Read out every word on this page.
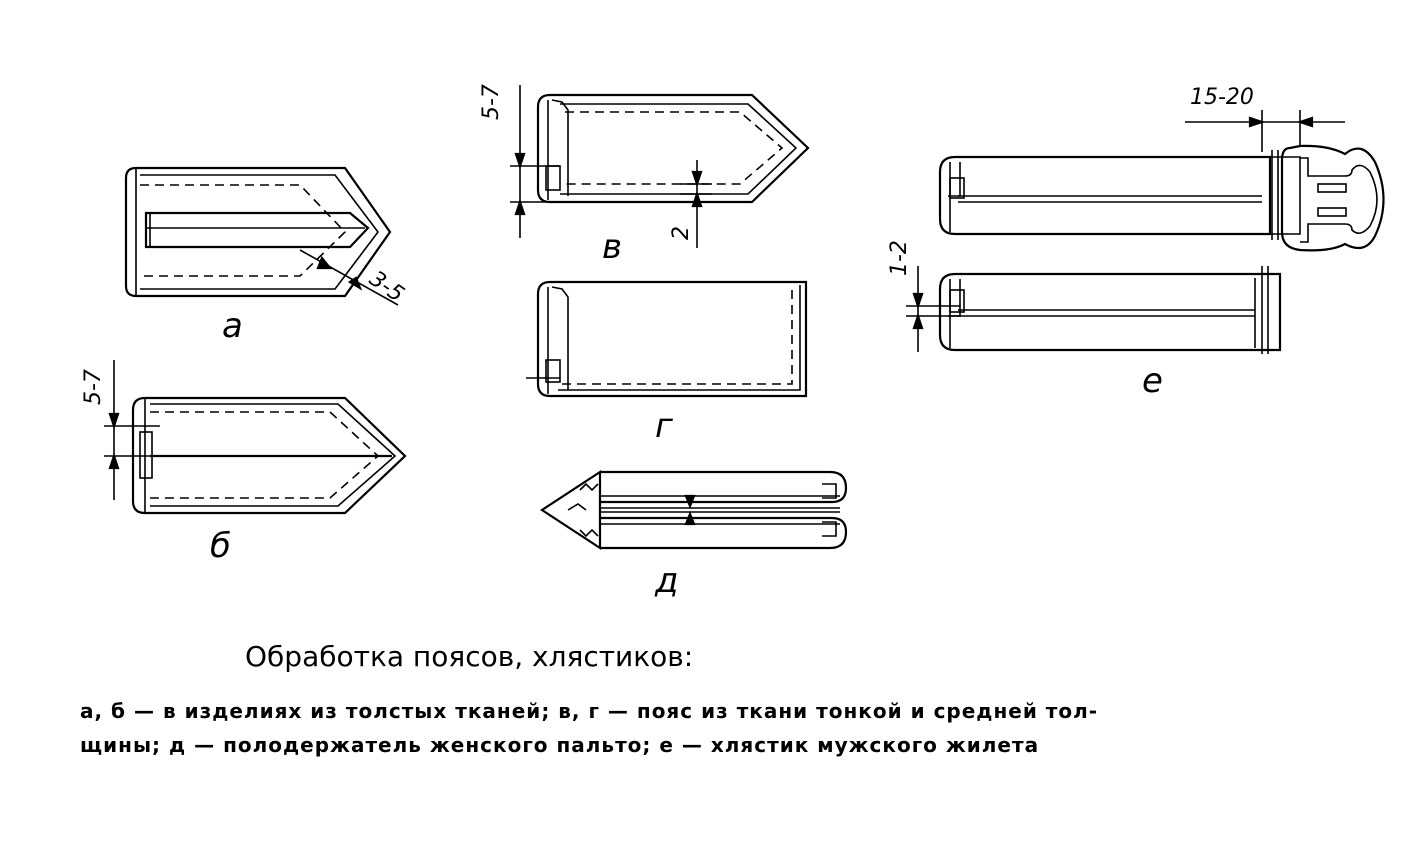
3-5
а
5-7
б
5-7
2
в
г
д
15-20
1-2
е
Обработка поясов, хлястиков:
а, б — в изделиях из толстых тканей; в, г — пояс из ткани тонкой и средней тол-
щины; д — полодержатель женского пальто; е — хлястик мужского жилета
